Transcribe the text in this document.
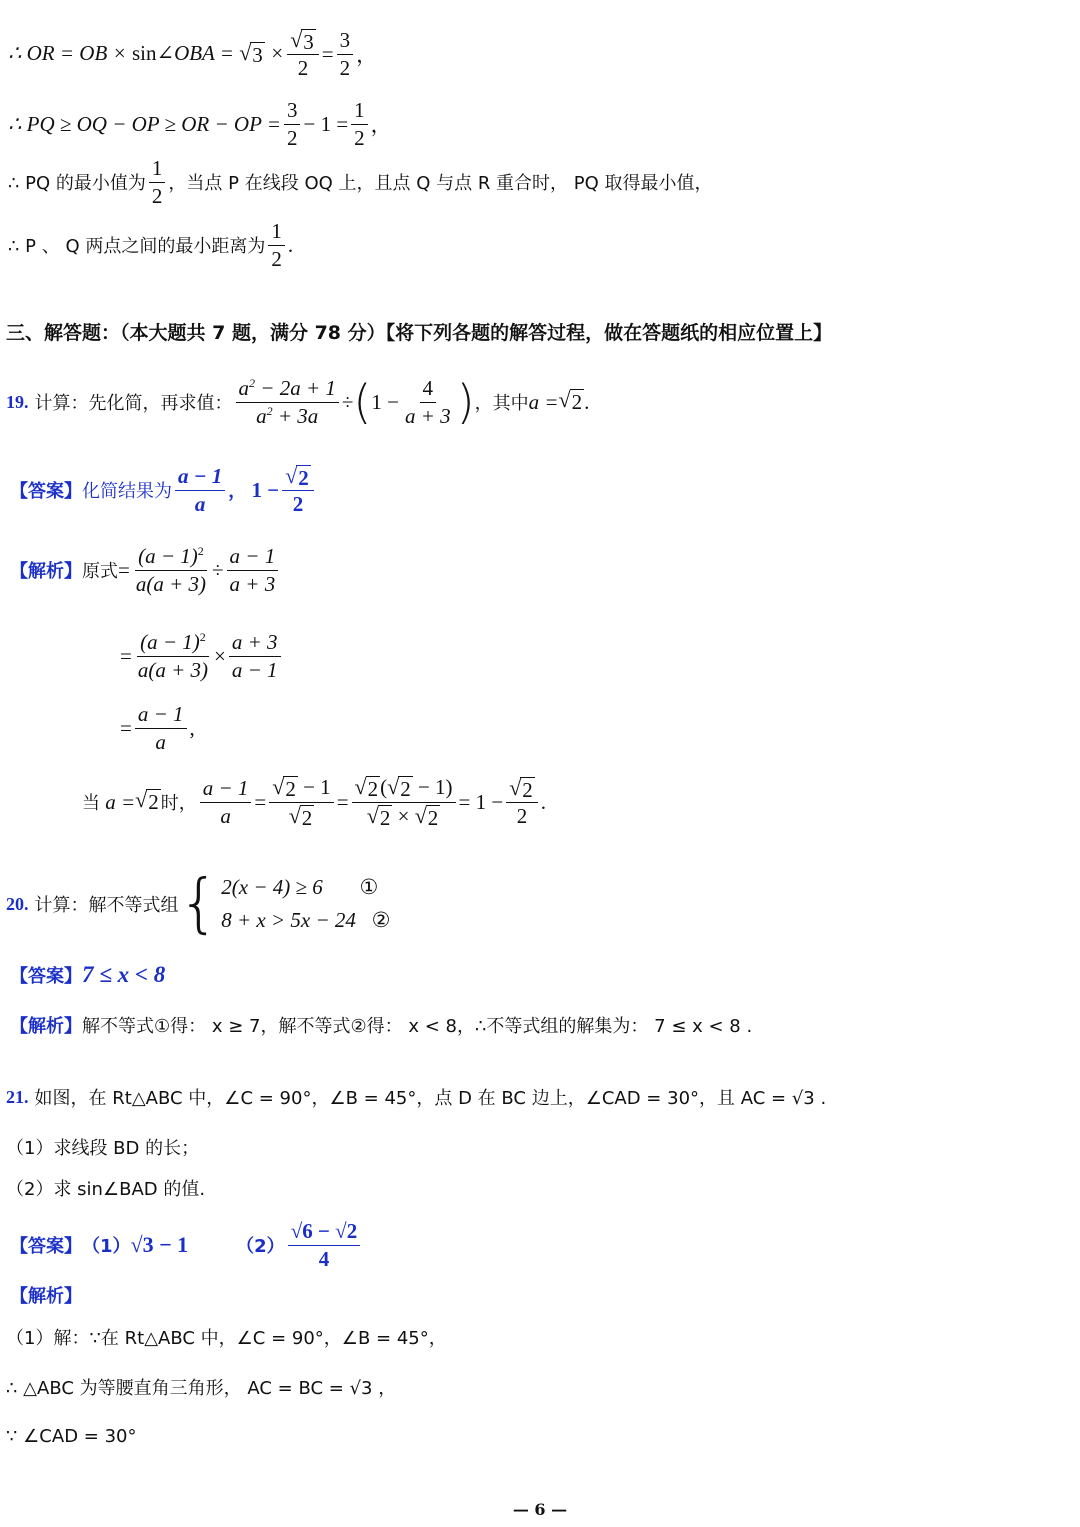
∴ OR = OB × sin∠OBA = √ $3 \times \frac{√ 3}{2} = \frac{3}{2}$ ，
∴ PQ ≥ OQ − OP ≥ OR − OP = $\frac{3}{2} - 1 = \frac{1}{2}$ ，
∴ PQ 的最小值为 $\frac{1}{2}$ ，当点 P 在线段 OQ 上，且点 Q 与点 R 重合时， PQ 取得最小值，
∴ P 、 Q 两点之间的最小距离为 $\frac{1}{2}$ .
三、解答题：（本大题共 7 题，满分 78 分）【将下列各题的解答过程，做在答题纸的相应位置上】
19.
计算：先化简，再求值： $\frac{a^2 - 2a + 1}{a^2 + 3a}$ ÷ ( $1 - \frac{4}{a + 3}$ ) ，其中 a = √ 2 .
【答案】 化简结果为 $\frac{a - 1}{a}$ ， $1 - \frac{√ 2}{2}$
【解析】 原式 = $\frac{(a - 1)^2}{a(a + 3)} \div \frac{a - 1}{a + 3}$
= $\frac{(a - 1)^2}{a(a + 3)} \times \frac{a + 3}{a - 1}$
= $\frac{a - 1}{a}$ ,
当 a = √ 2 时， $\frac{a - 1}{a} = \frac{√ 2 - 1}{√ 2} = \frac{√ 2 ( √ 2 - 1)}{√ 2 \times √ 2} = 1 - \frac{√ 2}{2}$ .
20.
计算：解不等式组 { 2(x − 4) ≥ 6 ①
8 + x > 5x − 24 ②
【答案】 7 ≤ x < 8
【解析】 解不等式①得： x ≥ 7，解不等式②得： x < 8，∴不等式组的解集为： 7 ≤ x < 8 .
21.
如图，在 Rt△ABC 中，∠C = 90°，∠B = 45°，点 D 在 BC 边上，∠CAD = 30°，且 AC = √3 .
（1）求线段 BD 的长；
（2）求 sin∠BAD 的值.
【答案】 （1） √3 − 1	$(2) \frac{√6 - √2}{4}$
【解析】
（1）解：∵在 Rt△ABC 中，∠C = 90°，∠B = 45°，
∴ △ABC 为等腰直角三角形， AC = BC = √3 ，
∵ ∠CAD = 30°
— 6 —
